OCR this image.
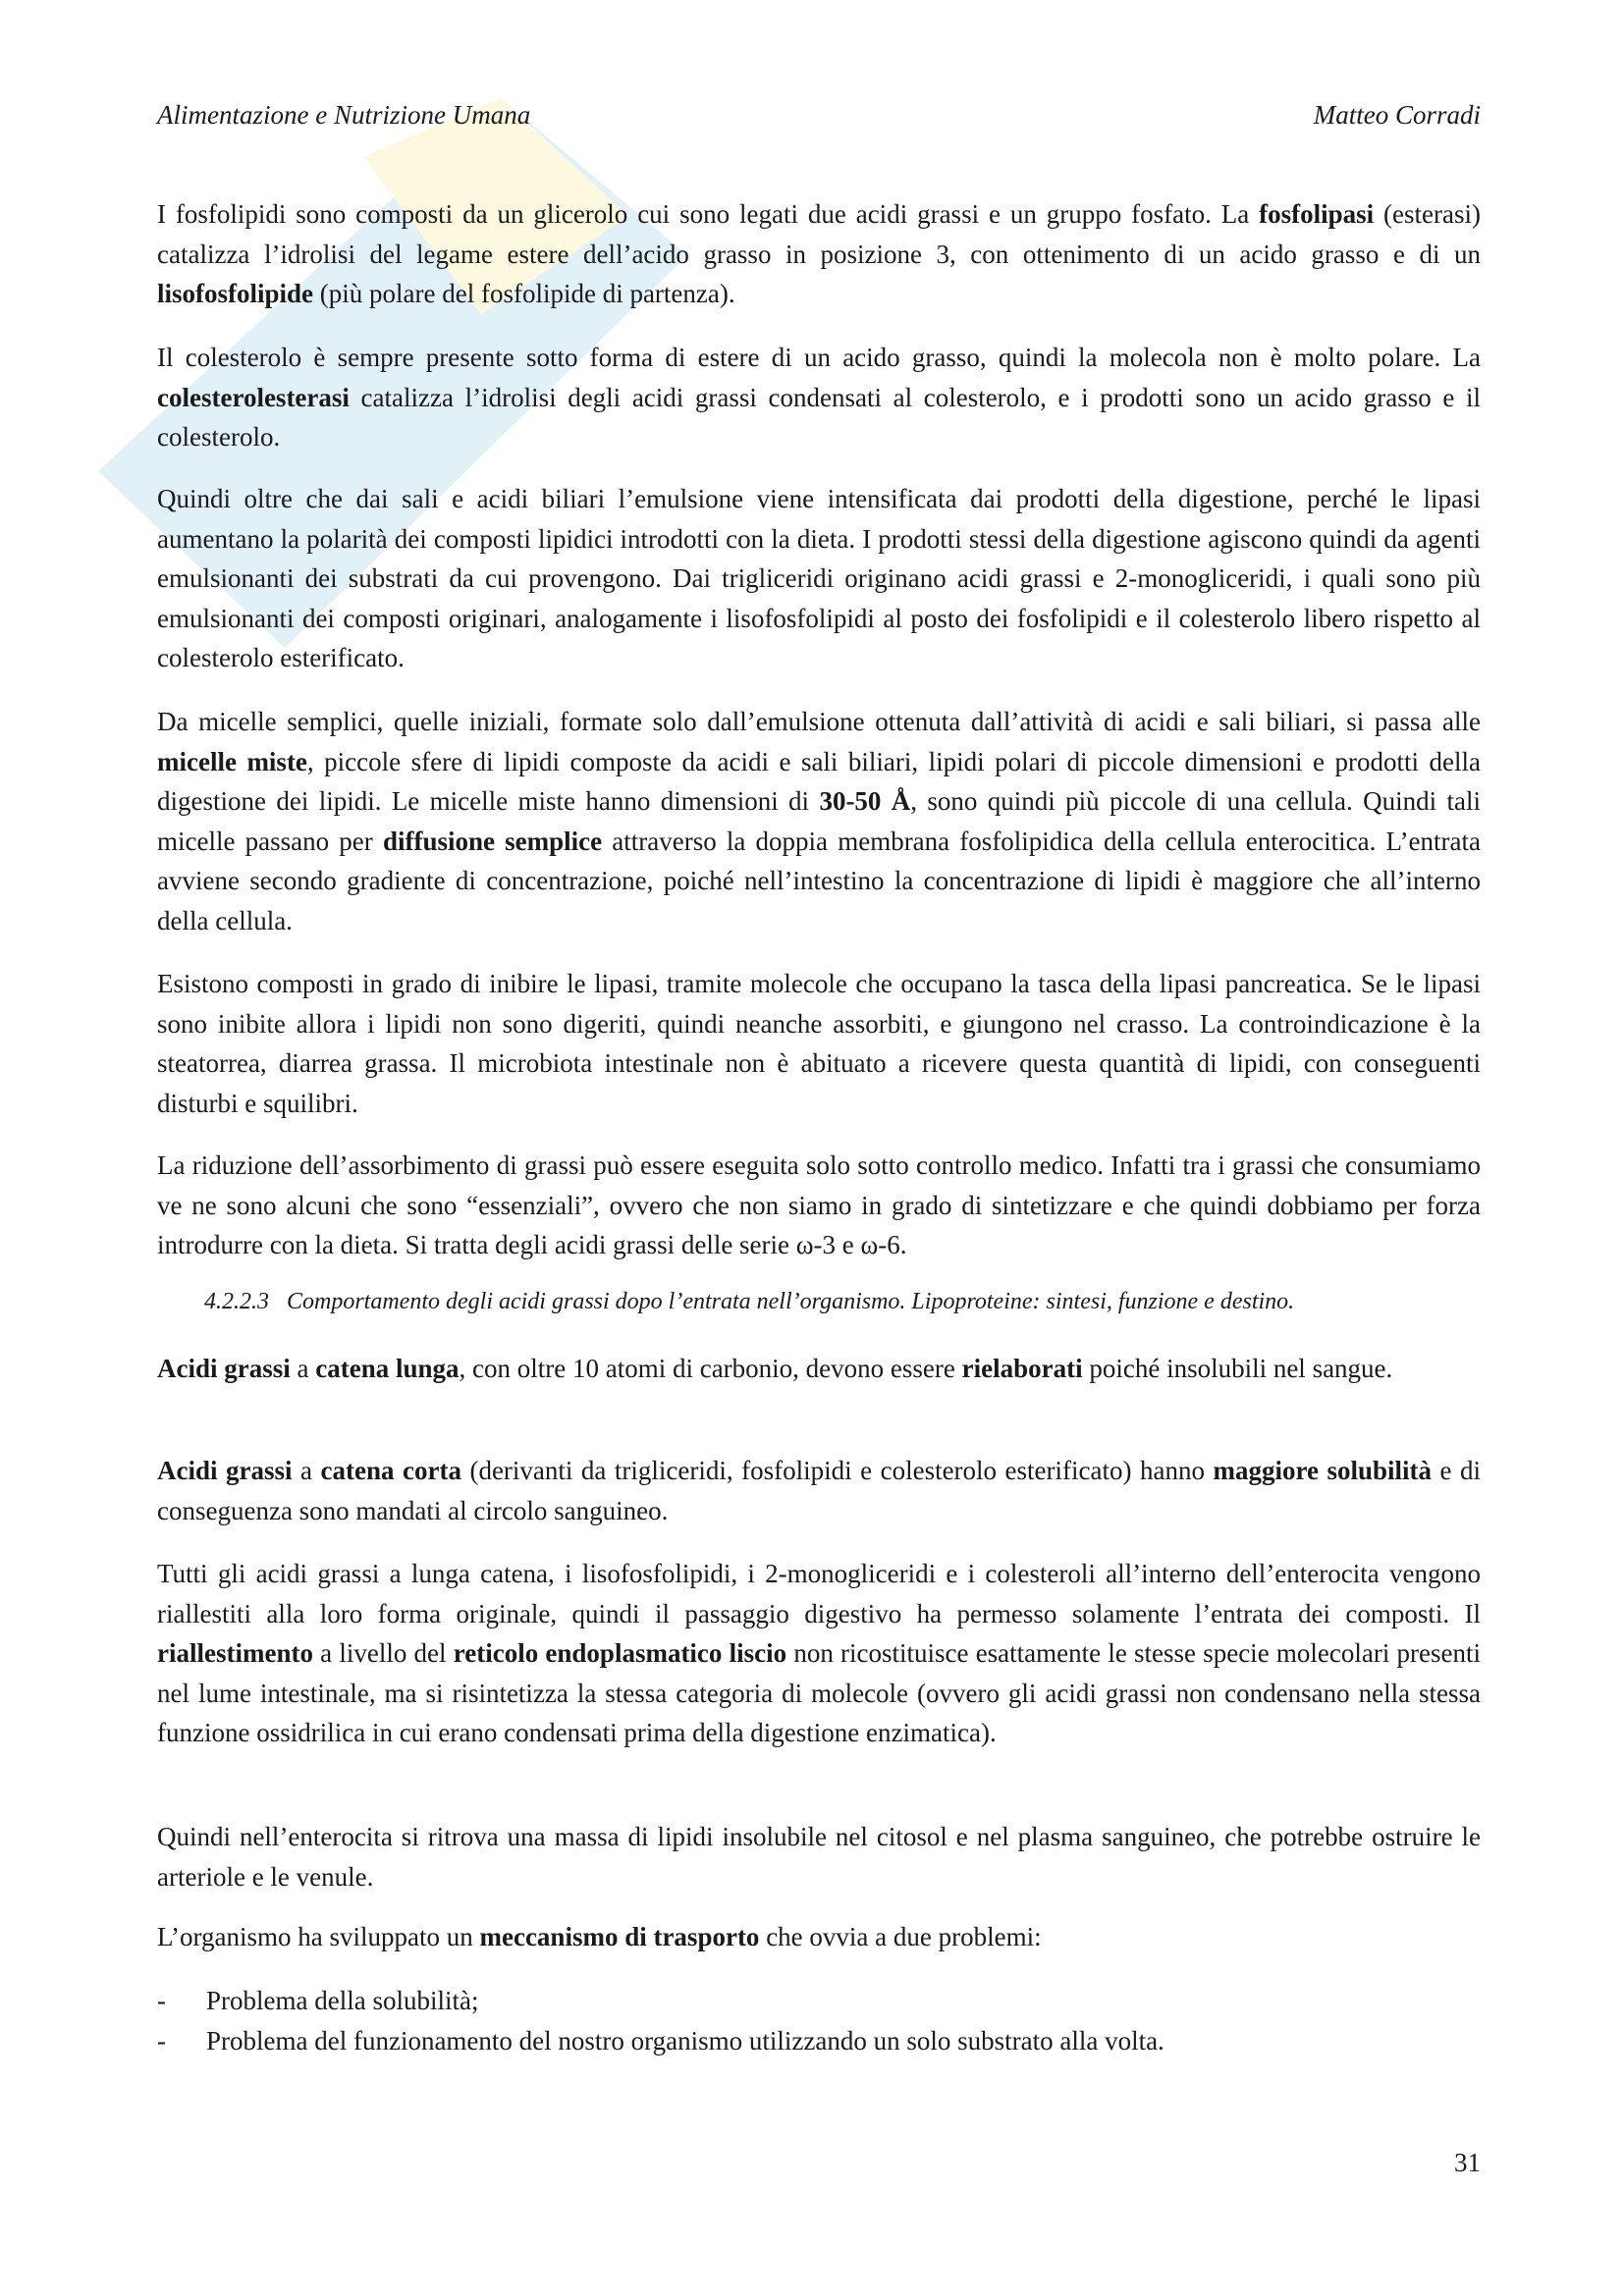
Alimentazione e Nutrizione Umana	Matteo Corradi
I fosfolipidi sono composti da un glicerolo cui sono legati due acidi grassi e un gruppo fosfato. La fosfolipasi (esterasi) catalizza l’idrolisi del legame estere dell’acido grasso in posizione 3, con ottenimento di un acido grasso e di un lisofosfolipide (più polare del fosfolipide di partenza).
Il colesterolo è sempre presente sotto forma di estere di un acido grasso, quindi la molecola non è molto polare. La colesterolesterasi catalizza l’idrolisi degli acidi grassi condensati al colesterolo, e i prodotti sono un acido grasso e il colesterolo.
Quindi oltre che dai sali e acidi biliari l’emulsione viene intensificata dai prodotti della digestione, perché le lipasi aumentano la polarità dei composti lipidici introdotti con la dieta. I prodotti stessi della digestione agiscono quindi da agenti emulsionanti dei substrati da cui provengono. Dai trigliceridi originano acidi grassi e 2-monogliceridi, i quali sono più emulsionanti dei composti originari, analogamente i lisofosfolipidi al posto dei fosfolipidi e il colesterolo libero rispetto al colesterolo esterificato.
Da micelle semplici, quelle iniziali, formate solo dall’emulsione ottenuta dall’attività di acidi e sali biliari, si passa alle micelle miste, piccole sfere di lipidi composte da acidi e sali biliari, lipidi polari di piccole dimensioni e prodotti della digestione dei lipidi. Le micelle miste hanno dimensioni di 30-50 Å, sono quindi più piccole di una cellula. Quindi tali micelle passano per diffusione semplice attraverso la doppia membrana fosfolipidica della cellula enterocitica. L’entrata avviene secondo gradiente di concentrazione, poiché nell’intestino la concentrazione di lipidi è maggiore che all’interno della cellula.
Esistono composti in grado di inibire le lipasi, tramite molecole che occupano la tasca della lipasi pancreatica. Se le lipasi sono inibite allora i lipidi non sono digeriti, quindi neanche assorbiti, e giungono nel crasso. La controindicazione è la steatorrea, diarrea grassa. Il microbiota intestinale non è abituato a ricevere questa quantità di lipidi, con conseguenti disturbi e squilibri.
La riduzione dell’assorbimento di grassi può essere eseguita solo sotto controllo medico. Infatti tra i grassi che consumiamo ve ne sono alcuni che sono “essenziali”, ovvero che non siamo in grado di sintetizzare e che quindi dobbiamo per forza introdurre con la dieta. Si tratta degli acidi grassi delle serie ω-3 e ω-6.
Acidi grassi a catena lunga, con oltre 10 atomi di carbonio, devono essere rielaborati poiché insolubili nel sangue.
Acidi grassi a catena corta (derivanti da trigliceridi, fosfolipidi e colesterolo esterificato) hanno maggiore solubilità e di conseguenza sono mandati al circolo sanguineo.
Tutti gli acidi grassi a lunga catena, i lisofosfolipidi, i 2-monogliceridi e i colesteroli all’interno dell’enterocita vengono riallestiti alla loro forma originale, quindi il passaggio digestivo ha permesso solamente l’entrata dei composti. Il riallestimento a livello del reticolo endoplasmatico liscio non ricostituisce esattamente le stesse specie molecolari presenti nel lume intestinale, ma si risintetizza la stessa categoria di molecole (ovvero gli acidi grassi non condensano nella stessa funzione ossidrilica in cui erano condensati prima della digestione enzimatica).
Quindi nell’enterocita si ritrova una massa di lipidi insolubile nel citosol e nel plasma sanguineo, che potrebbe ostruire le arteriole e le venule.
L’organismo ha sviluppato un meccanismo di trasporto che ovvia a due problemi:
4.2.2.3 Comportamento degli acidi grassi dopo l’entrata nell’organismo. Lipoproteine: sintesi, funzione e destino.
-	Problema della solubilità;
-	Problema del funzionamento del nostro organismo utilizzando un solo substrato alla volta.
31
